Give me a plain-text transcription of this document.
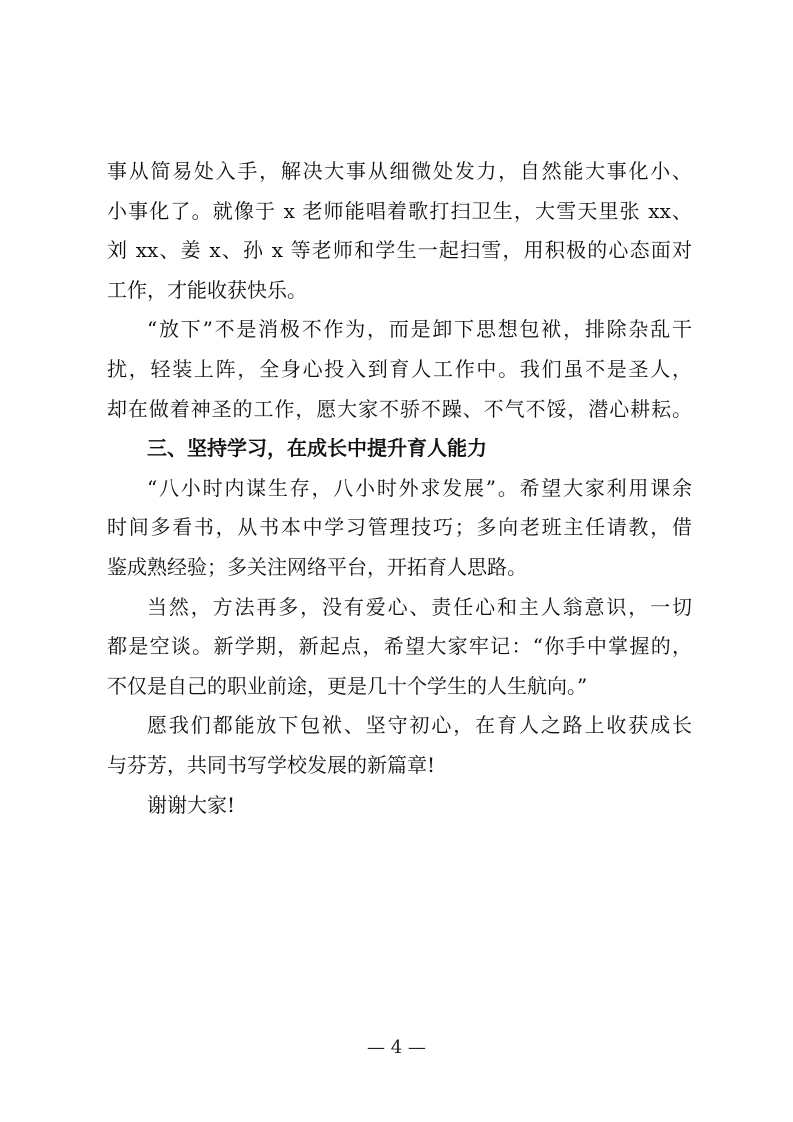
事从简易处入手，解决大事从细微处发力，自然能大事化小、
小事化了。就像于 x 老师能唱着歌打扫卫生，大雪天里张 xx、
刘 xx、姜 x、孙 x 等老师和学生一起扫雪，用积极的心态面对
工作，才能收获快乐。
“放下”不是消极不作为，而是卸下思想包袱，排除杂乱干
扰，轻装上阵，全身心投入到育人工作中。我们虽不是圣人，
却在做着神圣的工作，愿大家不骄不躁、不气不馁，潜心耕耘。
三、坚持学习，在成长中提升育人能力
“八小时内谋生存，八小时外求发展”。希望大家利用课余
时间多看书，从书本中学习管理技巧；多向老班主任请教，借
鉴成熟经验；多关注网络平台，开拓育人思路。
当然，方法再多，没有爱心、责任心和主人翁意识，一切
都是空谈。新学期，新起点，希望大家牢记：“你手中掌握的，
不仅是自己的职业前途，更是几十个学生的人生航向。”
愿我们都能放下包袱、坚守初心，在育人之路上收获成长
与芬芳，共同书写学校发展的新篇章!
谢谢大家!
— 4 —
